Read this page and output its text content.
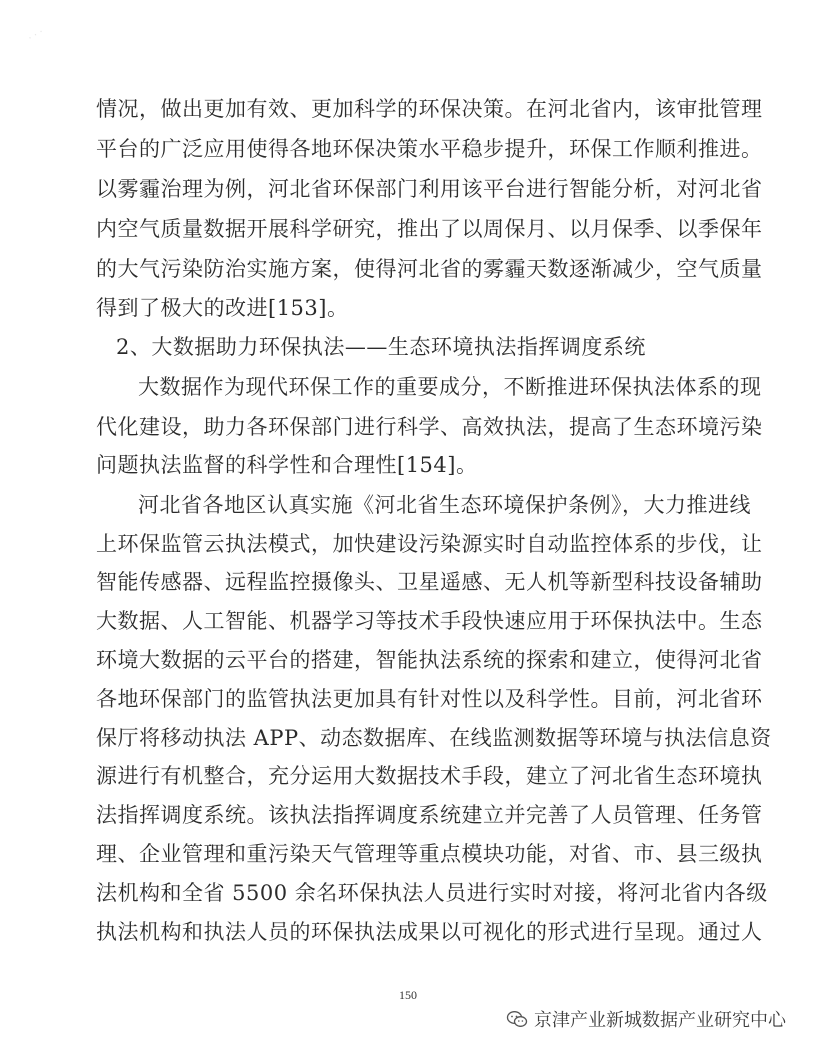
· · ·
情况，做出更加有效、更加科学的环保决策。在河北省内，该审批管理
平台的广泛应用使得各地环保决策水平稳步提升，环保工作顺利推进。
以雾霾治理为例，河北省环保部门利用该平台进行智能分析，对河北省
内空气质量数据开展科学研究，推出了以周保月、以月保季、以季保年
的大气污染防治实施方案，使得河北省的雾霾天数逐渐减少，空气质量
得到了极大的改进[153]。
2、大数据助力环保执法——生态环境执法指挥调度系统
大数据作为现代环保工作的重要成分，不断推进环保执法体系的现
代化建设，助力各环保部门进行科学、高效执法，提高了生态环境污染
问题执法监督的科学性和合理性[154]。
河北省各地区认真实施《河北省生态环境保护条例》，大力推进线
上环保监管云执法模式，加快建设污染源实时自动监控体系的步伐，让
智能传感器、远程监控摄像头、卫星遥感、无人机等新型科技设备辅助
大数据、人工智能、机器学习等技术手段快速应用于环保执法中。生态
环境大数据的云平台的搭建，智能执法系统的探索和建立，使得河北省
各地环保部门的监管执法更加具有针对性以及科学性。目前，河北省环
保厅将移动执法 APP、动态数据库、在线监测数据等环境与执法信息资
源进行有机整合，充分运用大数据技术手段，建立了河北省生态环境执
法指挥调度系统。该执法指挥调度系统建立并完善了人员管理、任务管
理、企业管理和重污染天气管理等重点模块功能，对省、市、县三级执
法机构和全省 5500 余名环保执法人员进行实时对接，将河北省内各级
执法机构和执法人员的环保执法成果以可视化的形式进行呈现。通过人
150
京津产业新城数据产业研究中心
